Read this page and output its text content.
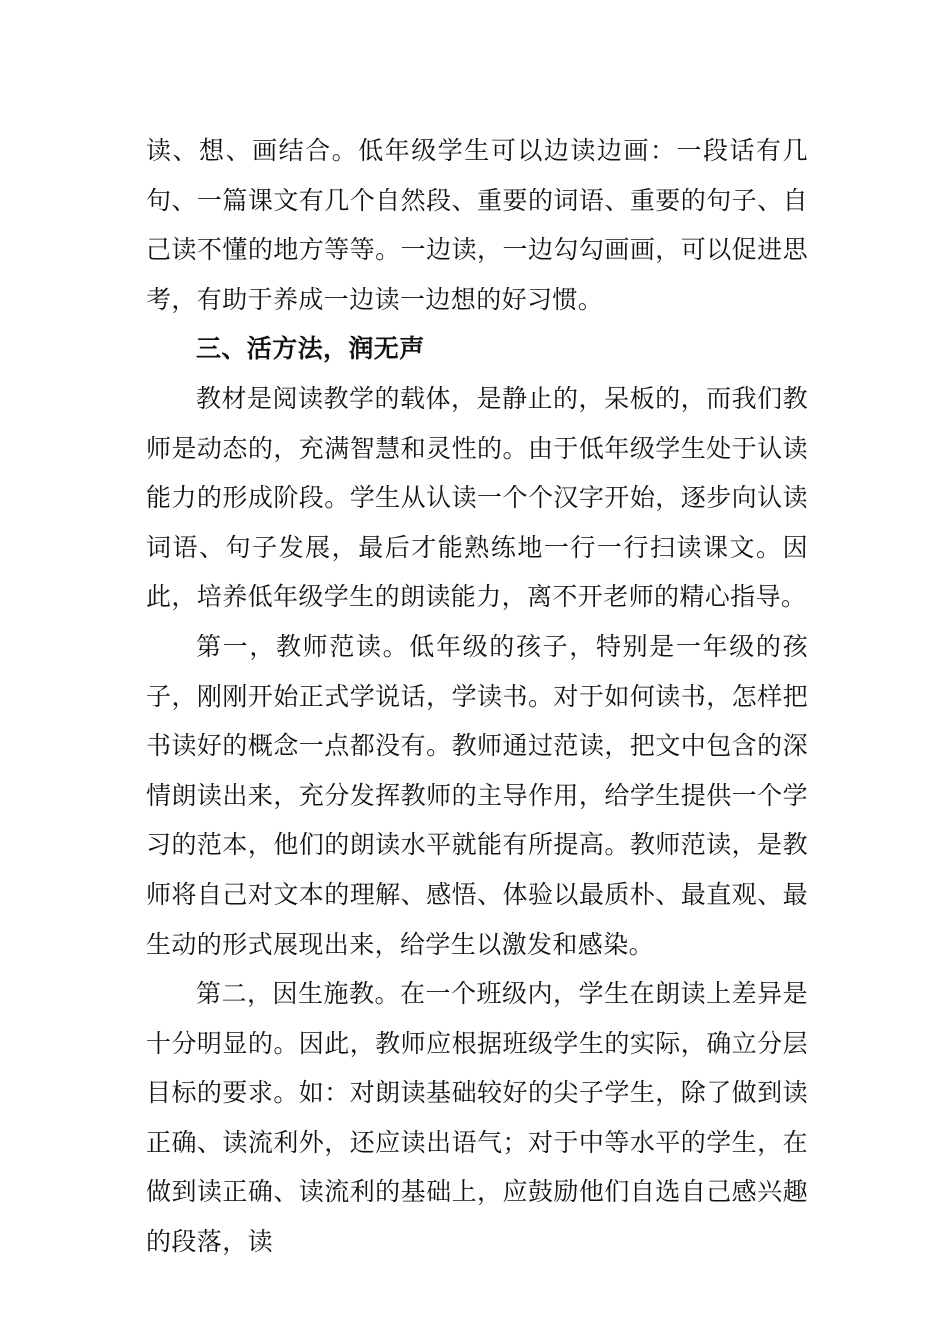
读、想、画结合。低年级学生可以边读边画：一段话有几句、一篇课文有几个自然段、重要的词语、重要的句子、自己读不懂的地方等等。一边读，一边勾勾画画，可以促进思考，有助于养成一边读一边想的好习惯。

三、活方法，润无声

教材是阅读教学的载体，是静止的，呆板的，而我们教师是动态的，充满智慧和灵性的。由于低年级学生处于认读能力的形成阶段。学生从认读一个个汉字开始，逐步向认读词语、句子发展，最后才能熟练地一行一行扫读课文。因此，培养低年级学生的朗读能力，离不开老师的精心指导。

第一，教师范读。低年级的孩子，特别是一年级的孩子，刚刚开始正式学说话，学读书。对于如何读书，怎样把书读好的概念一点都没有。教师通过范读，把文中包含的深情朗读出来，充分发挥教师的主导作用，给学生提供一个学习的范本，他们的朗读水平就能有所提高。教师范读，是教师将自己对文本的理解、感悟、体验以最质朴、最直观、最生动的形式展现出来，给学生以激发和感染。

第二，因生施教。在一个班级内，学生在朗读上差异是十分明显的。因此，教师应根据班级学生的实际，确立分层目标的要求。如：对朗读基础较好的尖子学生，除了做到读正确、读流利外，还应读出语气；对于中等水平的学生，在做到读正确、读流利的基础上，应鼓励他们自选自己感兴趣的段落，读
